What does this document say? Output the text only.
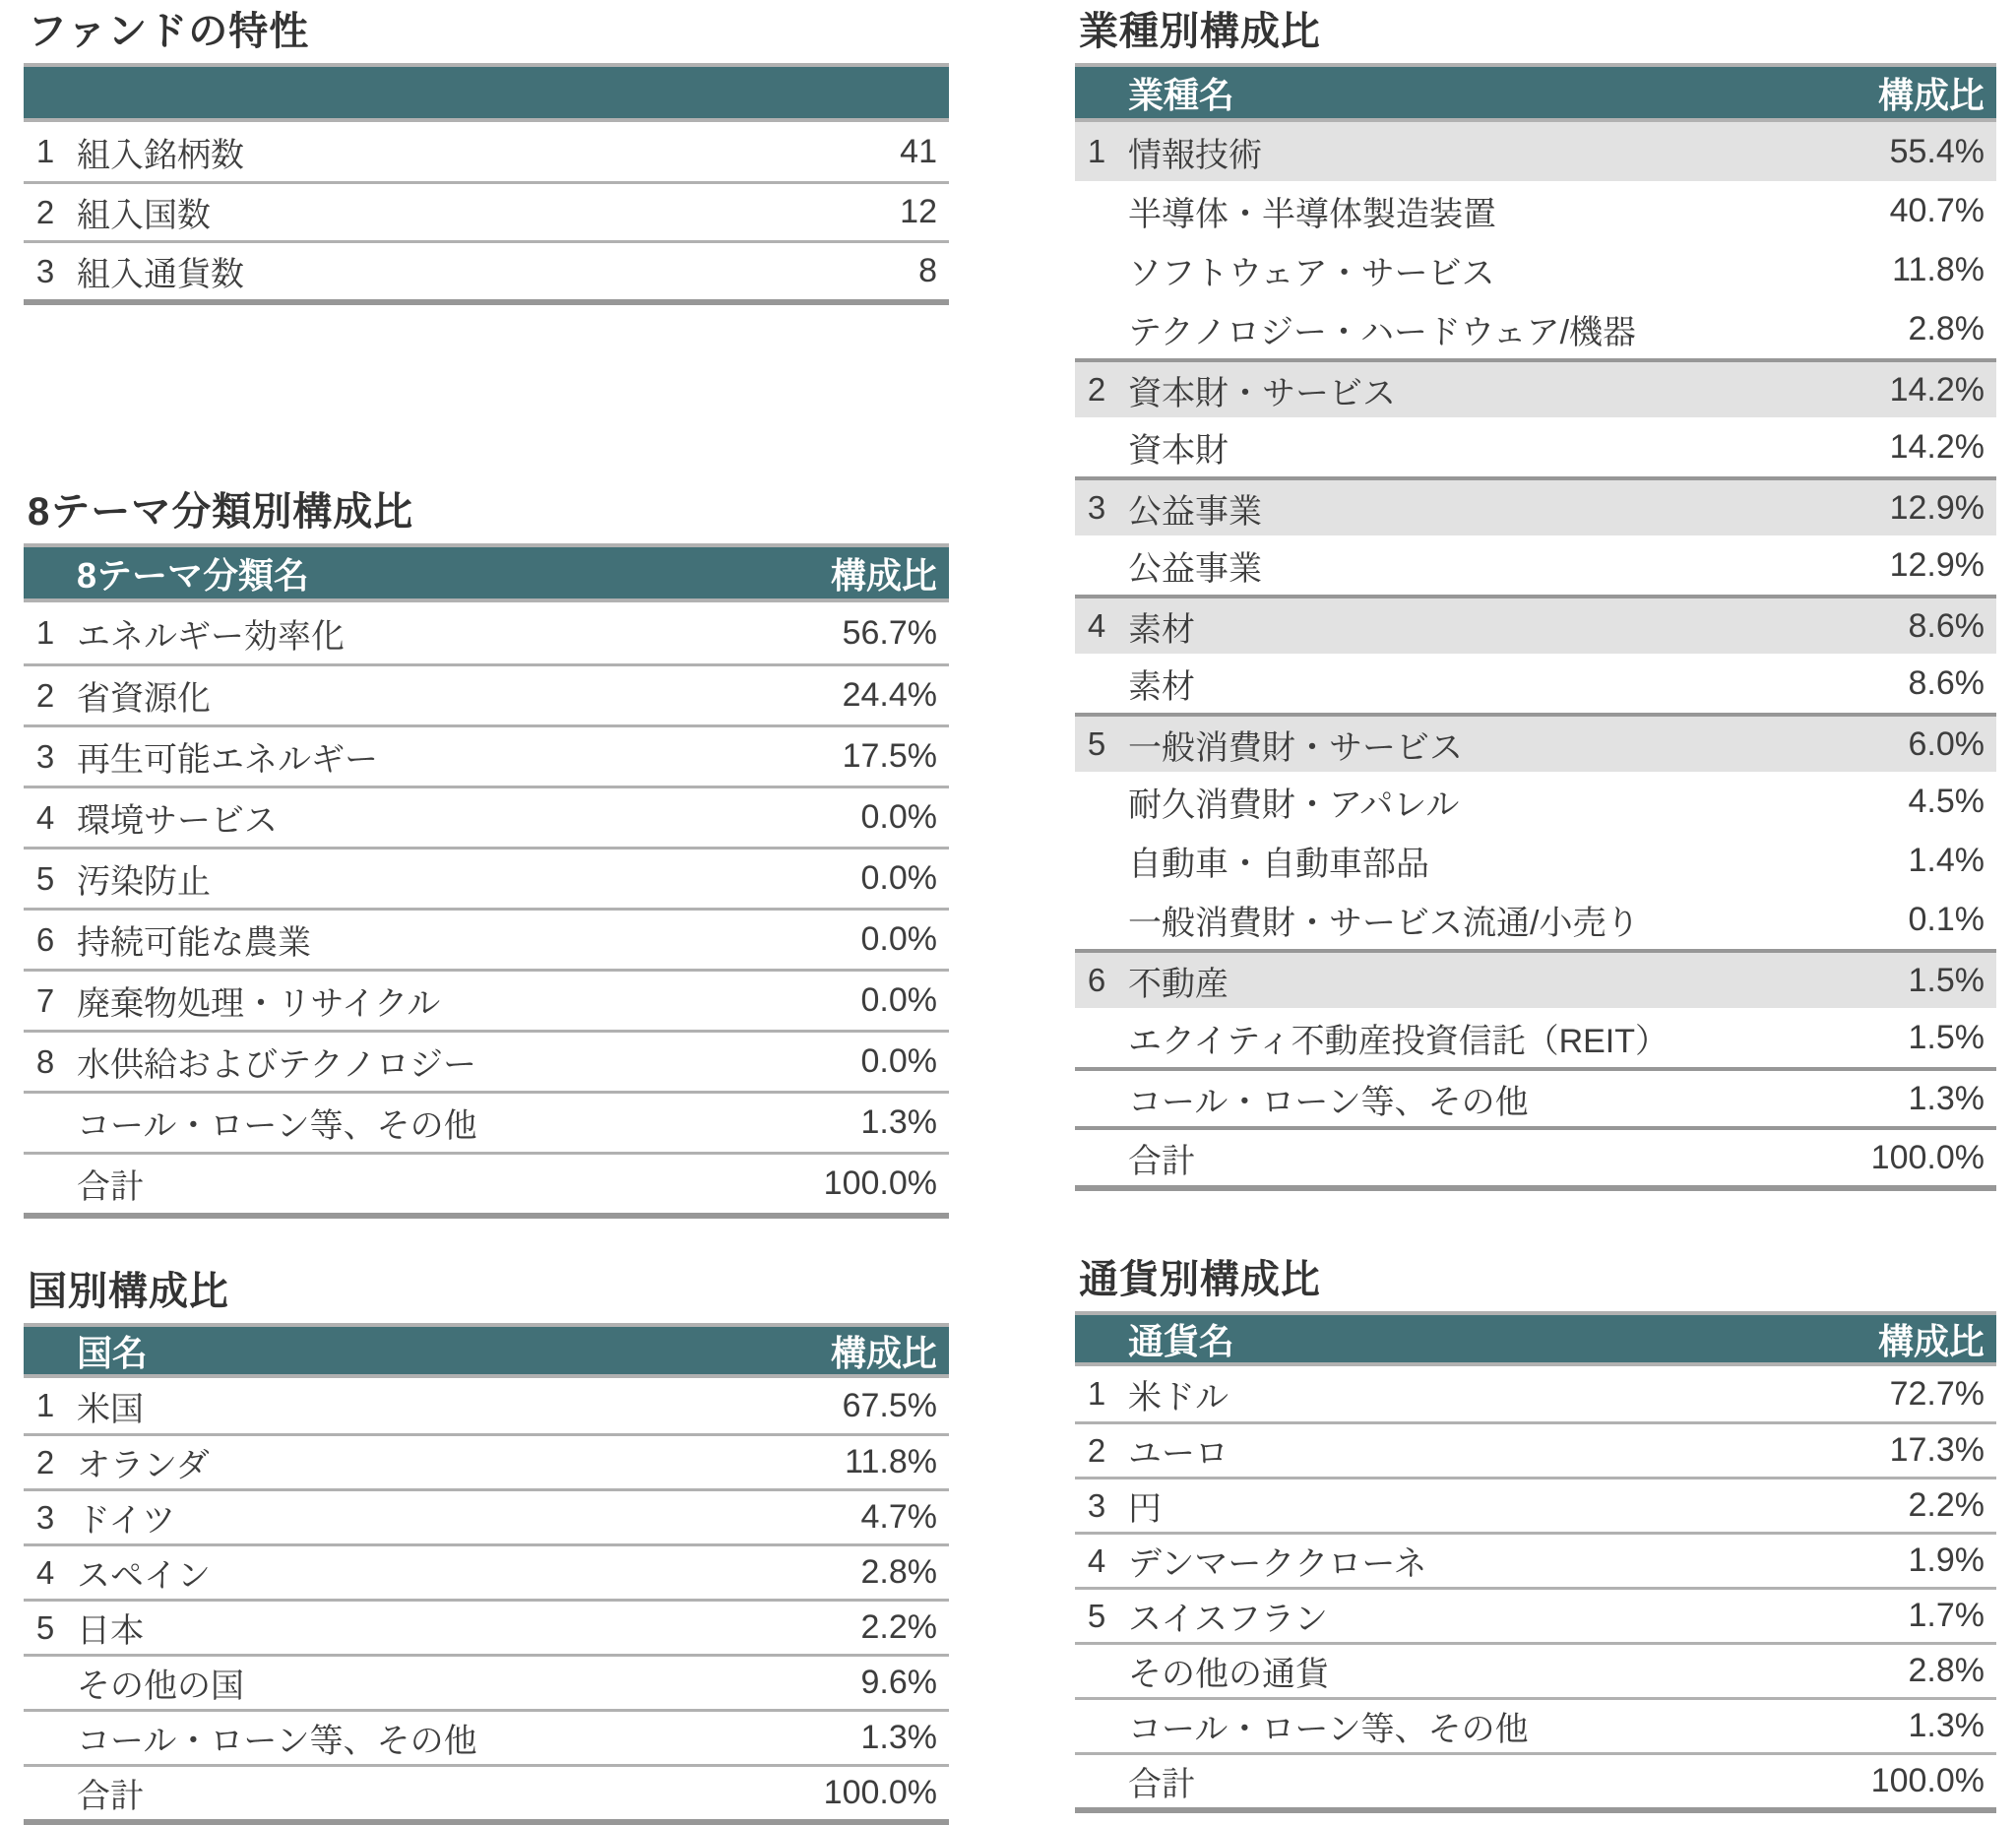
ファンドの特性
1 組入銘柄数	41
2 組入国数	12
3 組入通貨数	8
8テーマ分類別構成比
8テーマ分類名	構成比
1 エネルギー効率化	56.7%
2 省資源化	24.4%
3 再生可能エネルギー	17.5%
4 環境サービス	0.0%
5 汚染防止	0.0%
6 持続可能な農業	0.0%
7 廃棄物処理・リサイクル	0.0%
8 水供給およびテクノロジー	0.0%
コール・ローン等、その他	1.3%
合計	100.0%
国別構成比
国名	構成比
1 米国	67.5%
2 オランダ	11.8%
3 ドイツ	4.7%
4 スペイン	2.8%
5 日本	2.2%
その他の国	9.6%
コール・ローン等、その他	1.3%
合計	100.0%
業種別構成比
業種名	構成比
1 情報技術	55.4%
半導体・半導体製造装置	40.7%
ソフトウェア・サービス	11.8%
テクノロジー・ハードウェア/機器	2.8%
2 資本財・サービス	14.2%
資本財	14.2%
3 公益事業	12.9%
公益事業	12.9%
4 素材	8.6%
素材	8.6%
5 一般消費財・サービス	6.0%
耐久消費財・アパレル	4.5%
自動車・自動車部品	1.4%
一般消費財・サービス流通/小売り	0.1%
6 不動産	1.5%
エクイティ不動産投資信託（REIT）	1.5%
コール・ローン等、その他	1.3%
合計	100.0%
通貨別構成比
通貨名	構成比
1 米ドル	72.7%
2 ユーロ	17.3%
3 円	2.2%
4 デンマーククローネ	1.9%
5 スイスフラン	1.7%
その他の通貨	2.8%
コール・ローン等、その他	1.3%
合計	100.0%
